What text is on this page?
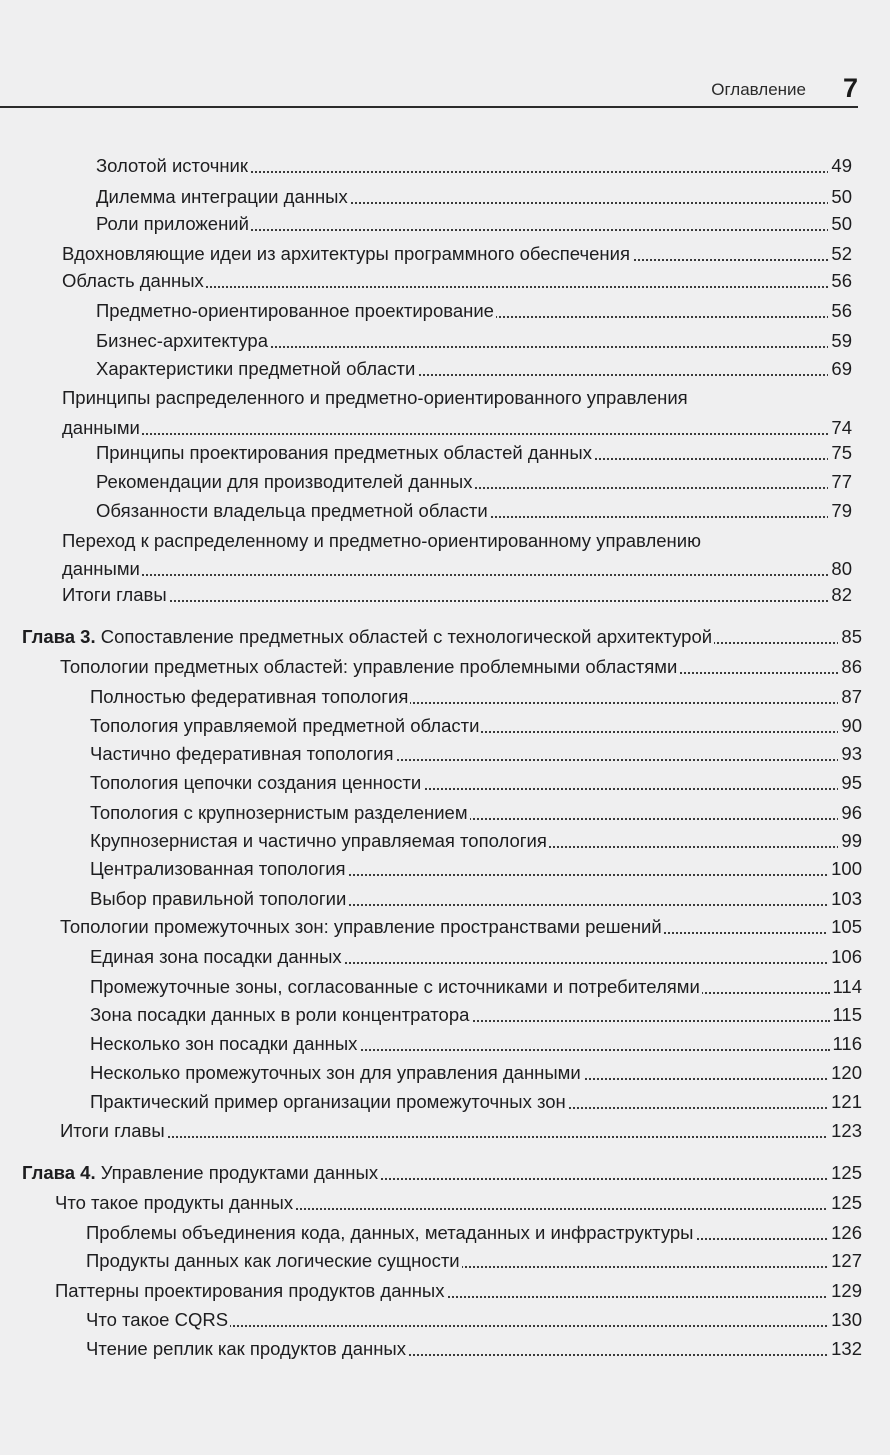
Оглавление 7
Золотой источник	49
Дилемма интеграции данных	50
Роли приложений	50
Вдохновляющие идеи из архитектуры программного обеспечения	52
Область данных	56
Предметно-ориентированное проектирование	56
Бизнес-архитектура	59
Характеристики предметной области	69
Принципы распределенного и предметно-ориентированного управления
данными	74
Принципы проектирования предметных областей данных	75
Рекомендации для производителей данных	77
Обязанности владельца предметной области	79
Переход к распределенному и предметно-ориентированному управлению
данными	80
Итоги главы	82
Глава 3. Сопоставление предметных областей с технологической архитектурой	85
Топологии предметных областей: управление проблемными областями	86
Полностью федеративная топология	87
Топология управляемой предметной области	90
Частично федеративная топология	93
Топология цепочки создания ценности	95
Топология с крупнозернистым разделением	96
Крупнозернистая и частично управляемая топология	99
Централизованная топология	100
Выбор правильной топологии	103
Топологии промежуточных зон: управление пространствами решений	105
Единая зона посадки данных	106
Промежуточные зоны, согласованные с источниками и потребителями	114
Зона посадки данных в роли концентратора	115
Несколько зон посадки данных	116
Несколько промежуточных зон для управления данными	120
Практический пример организации промежуточных зон	121
Итоги главы	123
Глава 4. Управление продуктами данных	125
Что такое продукты данных	125
Проблемы объединения кода, данных, метаданных и инфраструктуры	126
Продукты данных как логические сущности	127
Паттерны проектирования продуктов данных	129
Что такое CQRS	130
Чтение реплик как продуктов данных	132
